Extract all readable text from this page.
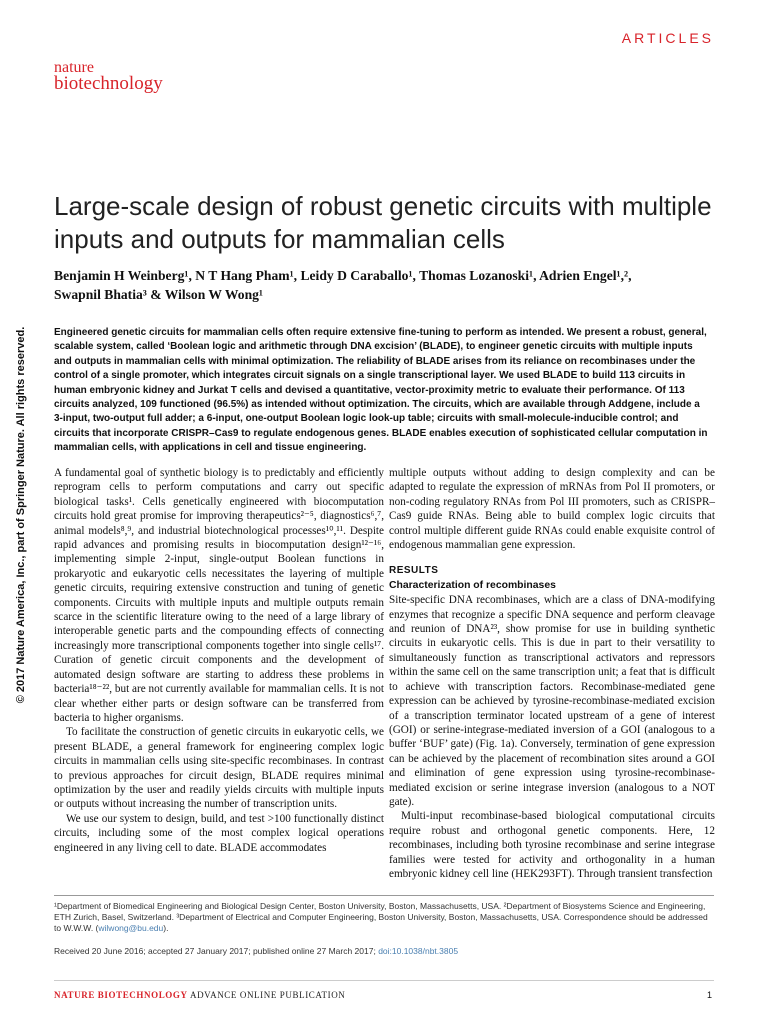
ARTICLES
nature
biotechnology
© 2017 Nature America, Inc., part of Springer Nature. All rights reserved.
Large-scale design of robust genetic circuits with multiple inputs and outputs for mammalian cells
Benjamin H Weinberg¹, N T Hang Pham¹, Leidy D Caraballo¹, Thomas Lozanoski¹, Adrien Engel¹,²,
Swapnil Bhatia³ & Wilson W Wong¹

Engineered genetic circuits for mammalian cells often require extensive fine-tuning to perform as intended. We present a robust, general, scalable system, called ‘Boolean logic and arithmetic through DNA excision’ (BLADE), to engineer genetic circuits with multiple inputs and outputs in mammalian cells with minimal optimization. The reliability of BLADE arises from its reliance on recombinases under the control of a single promoter, which integrates circuit signals on a single transcriptional layer. We used BLADE to build 113 circuits in human embryonic kidney and Jurkat T cells and devised a quantitative, vector-proximity metric to evaluate their performance. Of 113 circuits analyzed, 109 functioned (96.5%) as intended without optimization. The circuits, which are available through Addgene, include a 3-input, two-output full adder; a 6-input, one-output Boolean logic look-up table; circuits with small-molecule-inducible control; and circuits that incorporate CRISPR–Cas9 to regulate endogenous genes. BLADE enables execution of sophisticated cellular computation in mammalian cells, with applications in cell and tissue engineering.

A fundamental goal of synthetic biology is to predictably and efficiently reprogram cells to perform computations and carry out specific biological tasks¹. Cells genetically engineered with biocomputation circuits hold great promise for improving therapeutics²⁻⁵, diagnostics⁶,⁷, animal models⁸,⁹, and industrial biotechnological processes¹⁰,¹¹. Despite rapid advances and promising results in biocomputation design¹²⁻¹⁶, implementing simple 2-input, single-output Boolean functions in prokaryotic and eukaryotic cells necessitates the layering of multiple genetic circuits, requiring extensive construction and tuning of genetic components. Circuits with multiple inputs and multiple outputs remain scarce in the scientific literature owing to the need of a large library of interoperable genetic parts and the compounding effects of connecting increasingly more transcriptional components together into single cells¹⁷. Curation of genetic circuit components and the development of automated design software are starting to address these problems in bacteria¹⁸⁻²², but are not currently available for mammalian cells. It is not clear whether either parts or design software can be transferred from bacteria to higher organisms.

To facilitate the construction of genetic circuits in eukaryotic cells, we present BLADE, a general framework for engineering complex logic circuits in mammalian cells using site-specific recombinases. In contrast to previous approaches for circuit design, BLADE requires minimal optimization by the user and readily yields circuits with multiple inputs or outputs without increasing the number of transcription units.

We use our system to design, build, and test >100 functionally distinct circuits, including some of the most complex logical operations engineered in any living cell to date. BLADE accommodates

multiple outputs without adding to design complexity and can be adapted to regulate the expression of mRNAs from Pol II promoters, or non-coding regulatory RNAs from Pol III promoters, such as CRISPR–Cas9 guide RNAs. Being able to build complex logic circuits that control multiple different guide RNAs could enable exquisite control of endogenous mammalian gene expression.

RESULTS
Characterization of recombinases

Site-specific DNA recombinases, which are a class of DNA-modifying enzymes that recognize a specific DNA sequence and perform cleavage and reunion of DNA²³, show promise for use in building synthetic circuits in eukaryotic cells. This is due in part to their versatility to simultaneously function as transcriptional activators and repressors within the same cell on the same transcription unit; a feat that is difficult to achieve with transcription factors. Recombinase-mediated gene expression can be achieved by tyrosine-recombinase-mediated excision of a transcription terminator located upstream of a gene of interest (GOI) or serine-integrase-mediated inversion of a GOI (analogous to a buffer ‘BUF’ gate) (Fig. 1a). Conversely, termination of gene expression can be achieved by the placement of recombination sites around a GOI and elimination of gene expression using tyrosine-recombinase-mediated excision or serine integrase inversion (analogous to a NOT gate).

Multi-input recombinase-based biological computational circuits require robust and orthogonal genetic components. Here, 12 recombinases, including both tyrosine recombinase and serine integrase families were tested for activity and orthogonality in a human embryonic kidney cell line (HEK293FT). Through transient transfection

¹Department of Biomedical Engineering and Biological Design Center, Boston University, Boston, Massachusetts, USA. ²Department of Biosystems Science and Engineering, ETH Zurich, Basel, Switzerland. ³Department of Electrical and Computer Engineering, Boston University, Boston, Massachusetts, USA. Correspondence should be addressed to W.W.W. (wilwong@bu.edu).

Received 20 June 2016; accepted 27 January 2017; published online 27 March 2017; doi:10.1038/nbt.3805

NATURE BIOTECHNOLOGY ADVANCE ONLINE PUBLICATION	1
